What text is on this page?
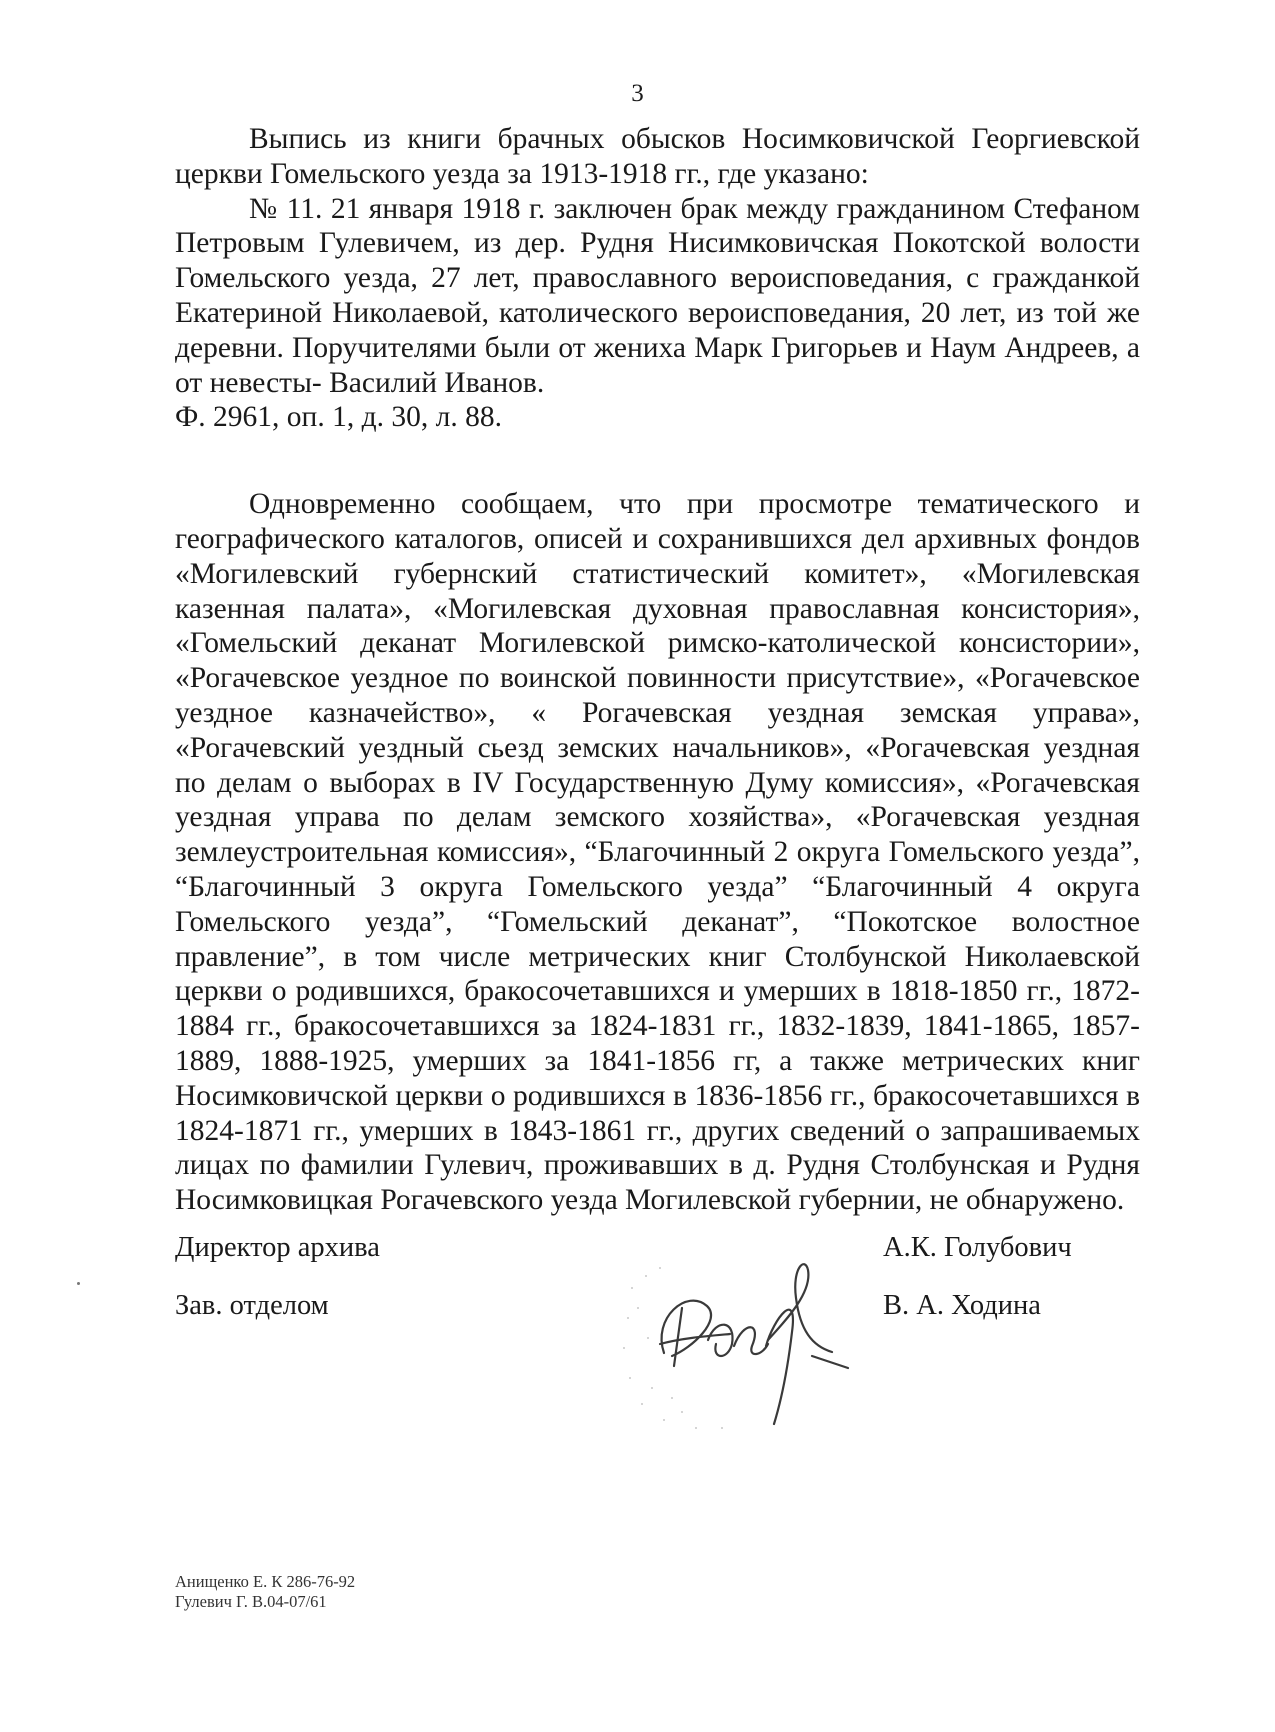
3

Выпись из книги брачных обысков Носимковичской Георгиевской церкви Гомельского уезда за 1913-1918 гг., где указано:

№ 11. 21 января 1918 г. заключен брак между гражданином Стефаном Петровым Гулевичем, из дер. Рудня Нисимковичская Покотской волости Гомельского уезда, 27 лет, православного вероисповедания, с гражданкой Екатериной Николаевой, католического вероисповедания, 20 лет, из той же деревни. Поручителями были от жениха Марк Григорьев и Наум Андреев, а от невесты- Василий Иванов.

Ф. 2961, оп. 1, д. 30, л. 88.

Одновременно сообщаем, что при просмотре тематического и географического каталогов, описей и сохранившихся дел архивных фондов «Могилевский губернский статистический комитет», «Могилевская казенная палата», «Могилевская духовная православная консистория», «Гомельский деканат Могилевской римско-католической консистории», «Рогачевское уездное по воинской повинности присутствие», «Рогачевское уездное казначейство», « Рогачевская уездная земская управа», «Рогачевский уездный сьезд земских начальников», «Рогачевская уездная по делам о выборах в IV Государственную Думу комиссия», «Рогачевская уездная управа по делам земского хозяйства», «Рогачевская уездная землеустроительная комиссия», “Благочинный 2 округа Гомельского уезда”, “Благочинный 3 округа Гомельского уезда” “Благочинный 4 округа Гомельского уезда”, “Гомельский деканат”, “Покотское волостное правление”, в том числе метрических книг Столбунской Николаевской церкви о родившихся, бракосочетавшихся и умерших в 1818-1850 гг., 1872-1884 гг., бракосочетавшихся за 1824-1831 гг., 1832-1839, 1841-1865, 1857-1889, 1888-1925, умерших за 1841-1856 гг, а также метрических книг Носимковичской церкви о родившихся в 1836-1856 гг., бракосочетавшихся в 1824-1871 гг., умерших в 1843-1861 гг., других сведений о запрашиваемых лицах по фамилии Гулевич, проживавших в д. Рудня Столбунская и Рудня Носимковицкая Рогачевского уезда Могилевской губернии, не обнаружено.

Директор архива	А.К. Голубович
Зав. отделом	В. А. Ходина
Анищенко Е. К 286-76-92
Гулевич Г. В.04-07/61
